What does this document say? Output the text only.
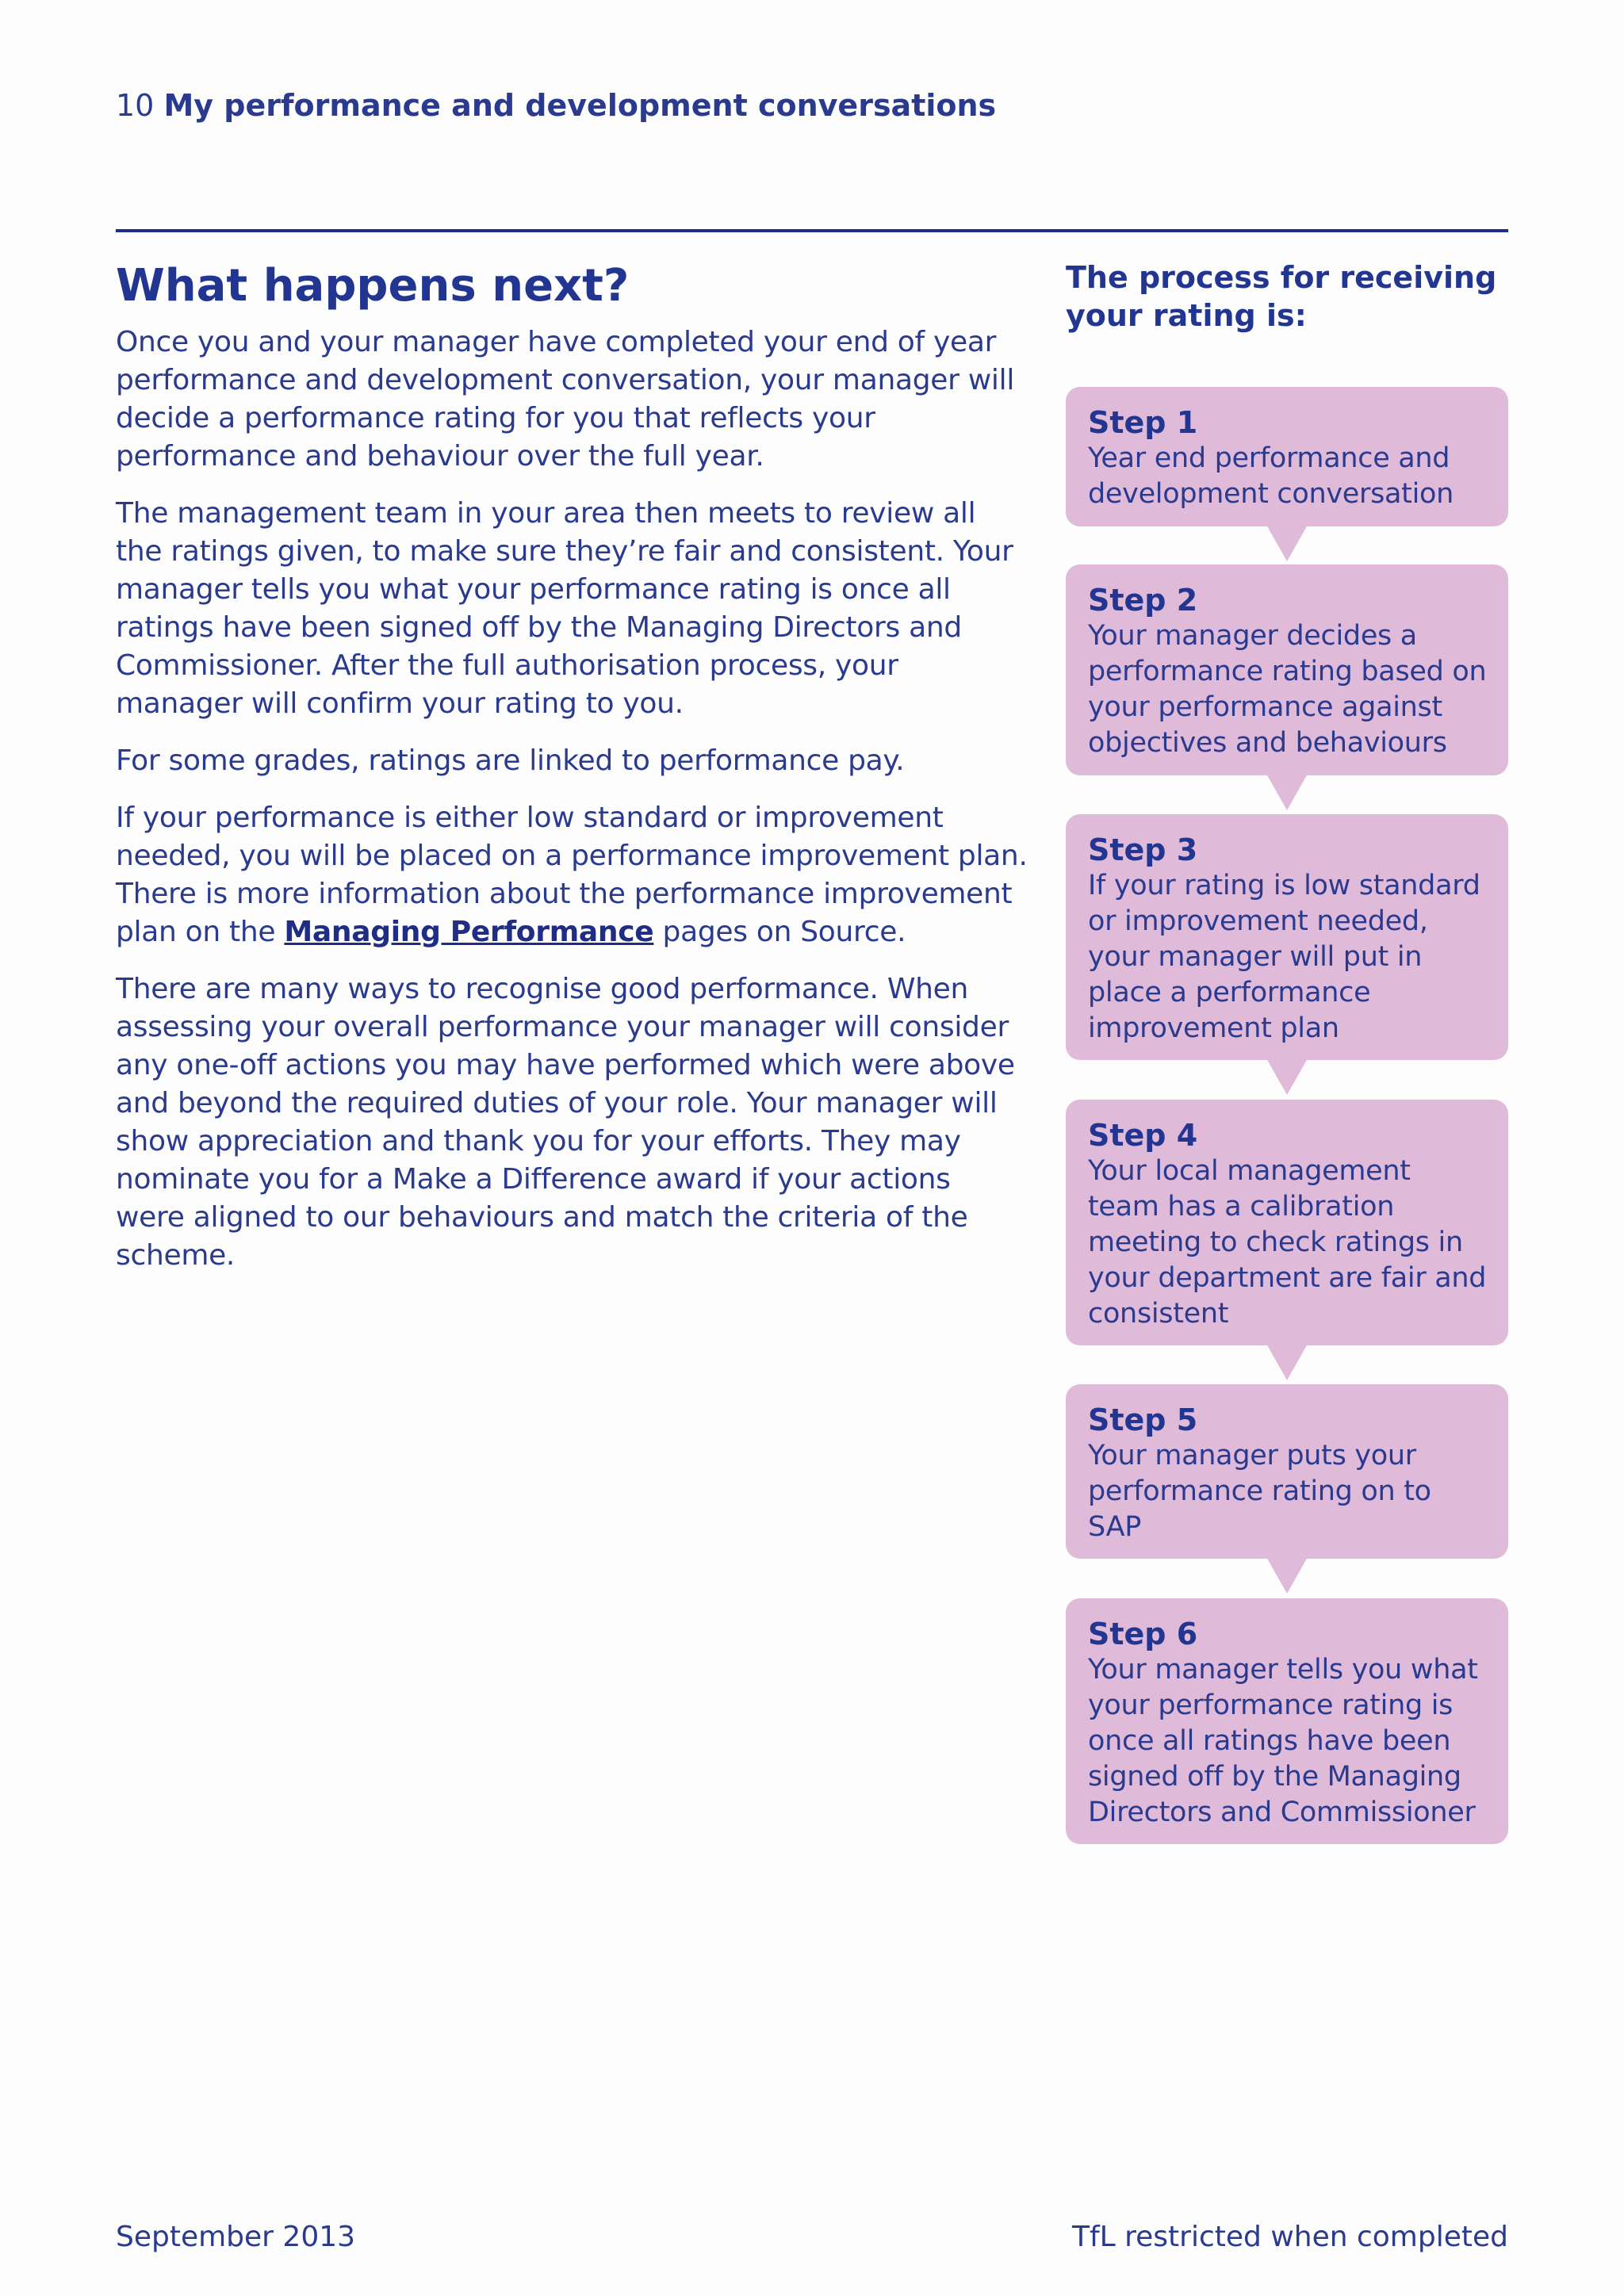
10 My performance and development conversations
What happens next?

Once you and your manager have completed your end of year performance and development conversation, your manager will decide a performance rating for you that reflects your performance and behaviour over the full year.

The management team in your area then meets to review all the ratings given, to make sure they’re fair and consistent. Your manager tells you what your performance rating is once all ratings have been signed off by the Managing Directors and Commissioner. After the full authorisation process, your manager will confirm your rating to you.

For some grades, ratings are linked to performance pay.

If your performance is either low standard or improvement needed, you will be placed on a performance improvement plan. There is more information about the performance improvement plan on the Managing Performance pages on Source.

There are many ways to recognise good performance. When assessing your overall performance your manager will consider any one-off actions you may have performed which were above and beyond the required duties of your role. Your manager will show appreciation and thank you for your efforts. They may nominate you for a Make a Difference award if your actions were aligned to our behaviours and match the criteria of the scheme.

The process for receiving your rating is:
Step 1
Year end performance and development conversation
Step 2
Your manager decides a performance rating based on your performance against objectives and behaviours
Step 3
If your rating is low standard or improvement needed, your manager will put in place a performance improvement plan
Step 4
Your local management team has a calibration meeting to check ratings in your department are fair and consistent
Step 5
Your manager puts your performance rating on to SAP
Step 6
Your manager tells you what your performance rating is once all ratings have been signed off by the Managing Directors and Commissioner
September 2013	TfL restricted when completed
